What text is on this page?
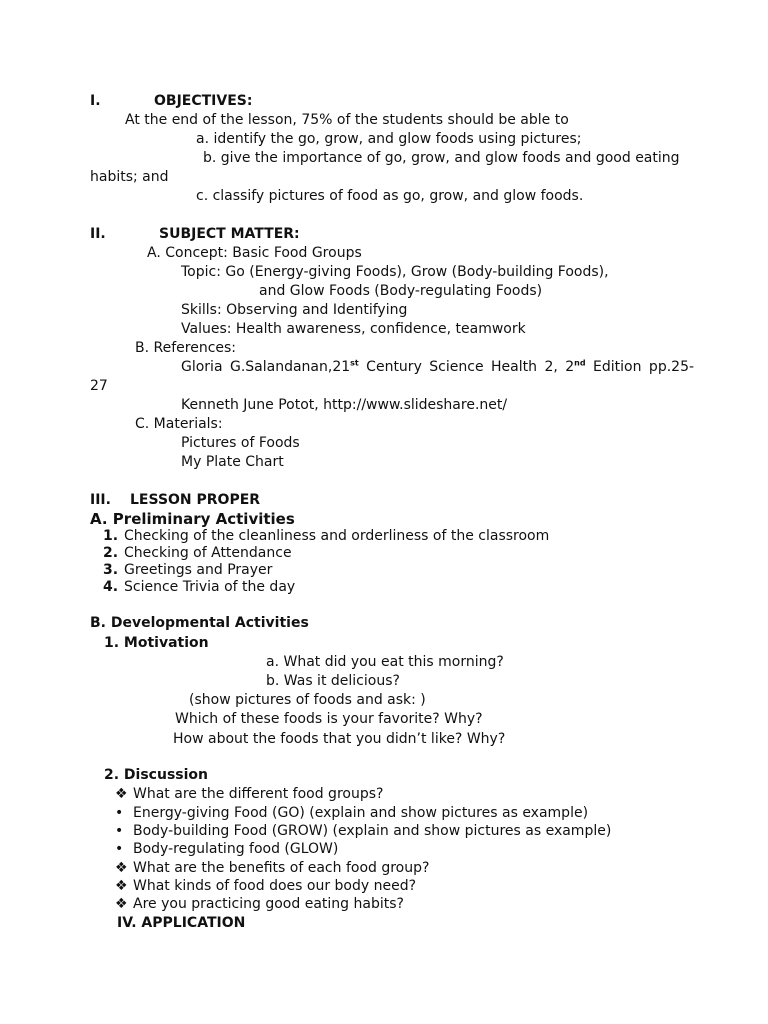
I.	OBJECTIVES:
At the end of the lesson, 75% of the students should be able to
a. identify the go, grow, and glow foods using pictures;
b. give the importance of go, grow, and glow foods and good eating
habits; and
c. classify pictures of food as go, grow, and glow foods.
II.	SUBJECT MATTER:
A. Concept: Basic Food Groups
Topic: Go (Energy-giving Foods), Grow (Body-building Foods),
and Glow Foods (Body-regulating Foods)
Skills: Observing and Identifying
Values: Health awareness, confidence, teamwork
B. References:
Gloria G.Salandanan,21st Century Science Health 2, 2nd Edition pp.25-
27
Kenneth June Potot, http://www.slideshare.net/
C. Materials:
Pictures of Foods
My Plate Chart
III. LESSON PROPER
A. Preliminary Activities
1. Checking of the cleanliness and orderliness of the classroom
2. Checking of Attendance
3. Greetings and Prayer
4. Science Trivia of the day
B. Developmental Activities
1. Motivation
a. What did you eat this morning?
b. Was it delicious?
(show pictures of foods and ask: )
Which of these foods is your favorite? Why?
How about the foods that you didn’t like? Why?
2. Discussion
❖ What are the different food groups?
• Energy-giving Food (GO) (explain and show pictures as example)
• Body-building Food (GROW) (explain and show pictures as example)
• Body-regulating food (GLOW)
❖ What are the benefits of each food group?
❖ What kinds of food does our body need?
❖ Are you practicing good eating habits?
IV. APPLICATION
